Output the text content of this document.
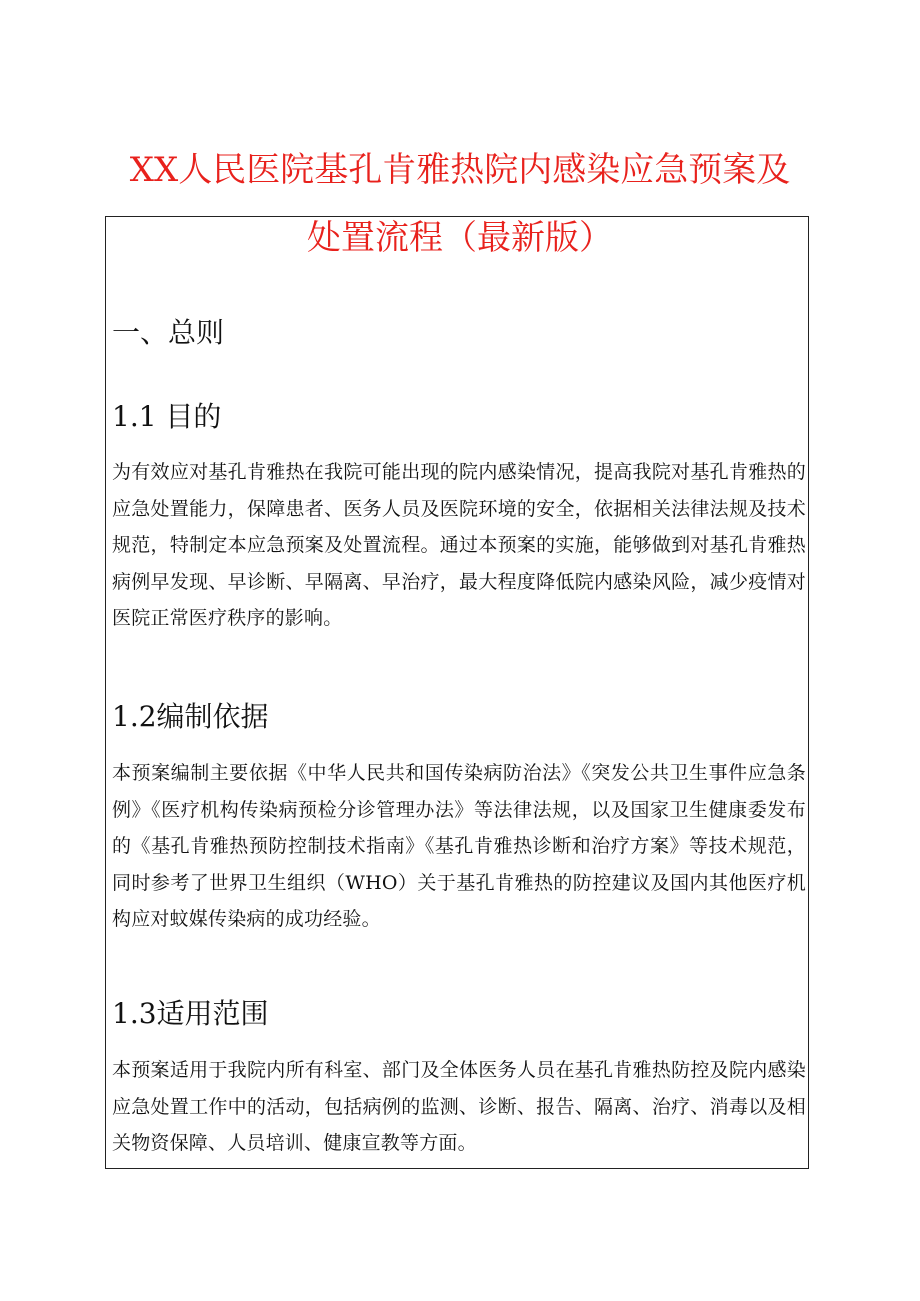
XX人民医院基孔肯雅热院内感染应急预案及
处置流程（最新版）
一、总则
1.1 目的
为有效应对基孔肯雅热在我院可能出现的院内感染情况，提高我院对基孔肯雅热的应急处置能力，保障患者、医务人员及医院环境的安全，依据相关法律法规及技术规范，特制定本应急预案及处置流程。通过本预案的实施，能够做到对基孔肯雅热病例早发现、早诊断、早隔离、早治疗，最大程度降低院内感染风险，减少疫情对医院正常医疗秩序的影响。
1.2编制依据
本预案编制主要依据《中华人民共和国传染病防治法》《突发公共卫生事件应急条例》《医疗机构传染病预检分诊管理办法》等法律法规，以及国家卫生健康委发布的《基孔肯雅热预防控制技术指南》《基孔肯雅热诊断和治疗方案》等技术规范，同时参考了世界卫生组织（WHO）关于基孔肯雅热的防控建议及国内其他医疗机构应对蚊媒传染病的成功经验。
1.3适用范围
本预案适用于我院内所有科室、部门及全体医务人员在基孔肯雅热防控及院内感染应急处置工作中的活动，包括病例的监测、诊断、报告、隔离、治疗、消毒以及相关物资保障、人员培训、健康宣教等方面。
